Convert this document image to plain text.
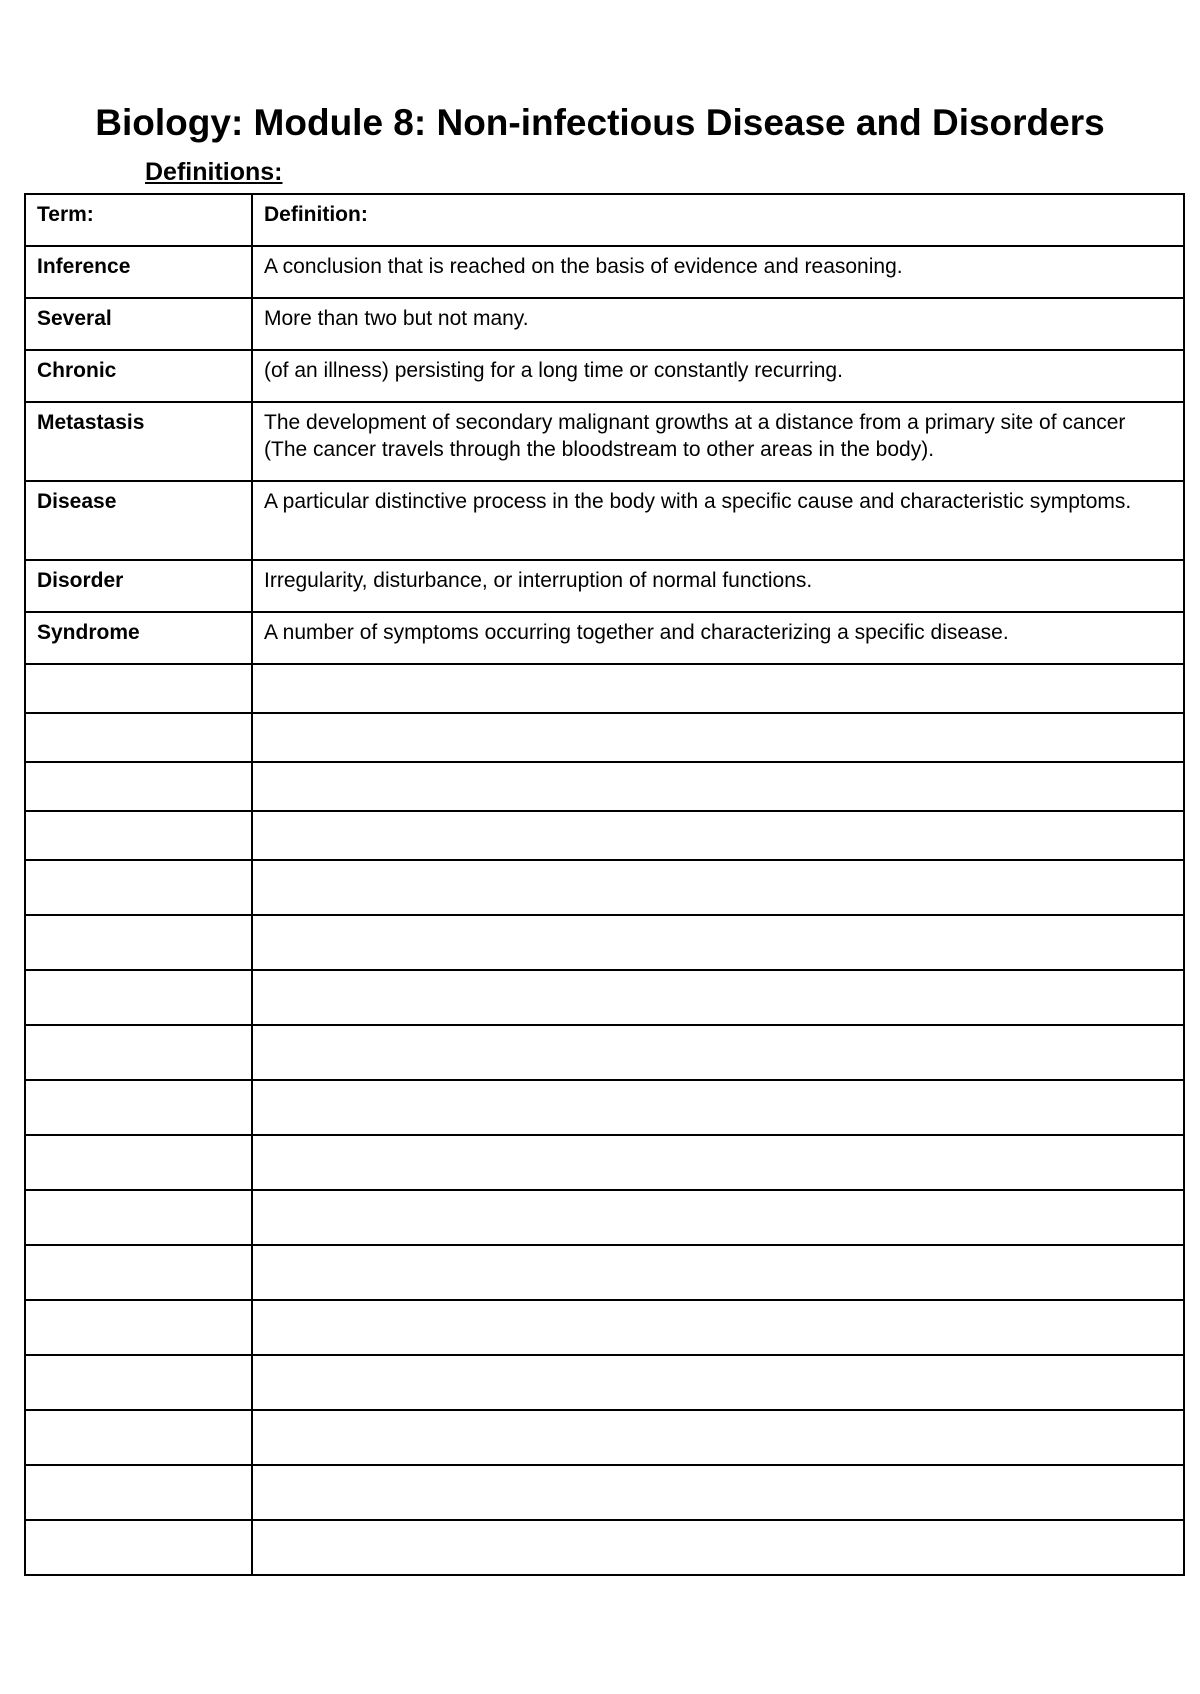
Biology: Module 8: Non-infectious Disease and Disorders
Definitions:
Term:	Definition:
Inference	A conclusion that is reached on the basis of evidence and reasoning.
Several	More than two but not many.
Chronic	(of an illness) persisting for a long time or constantly recurring.
Metastasis	The development of secondary malignant growths at a distance from a primary site of cancer (The cancer travels through the bloodstream to other areas in the body).
Disease	A particular distinctive process in the body with a specific cause and characteristic symptoms.
Disorder	Irregularity, disturbance, or interruption of normal functions.
Syndrome	A number of symptoms occurring together and characterizing a specific disease.
